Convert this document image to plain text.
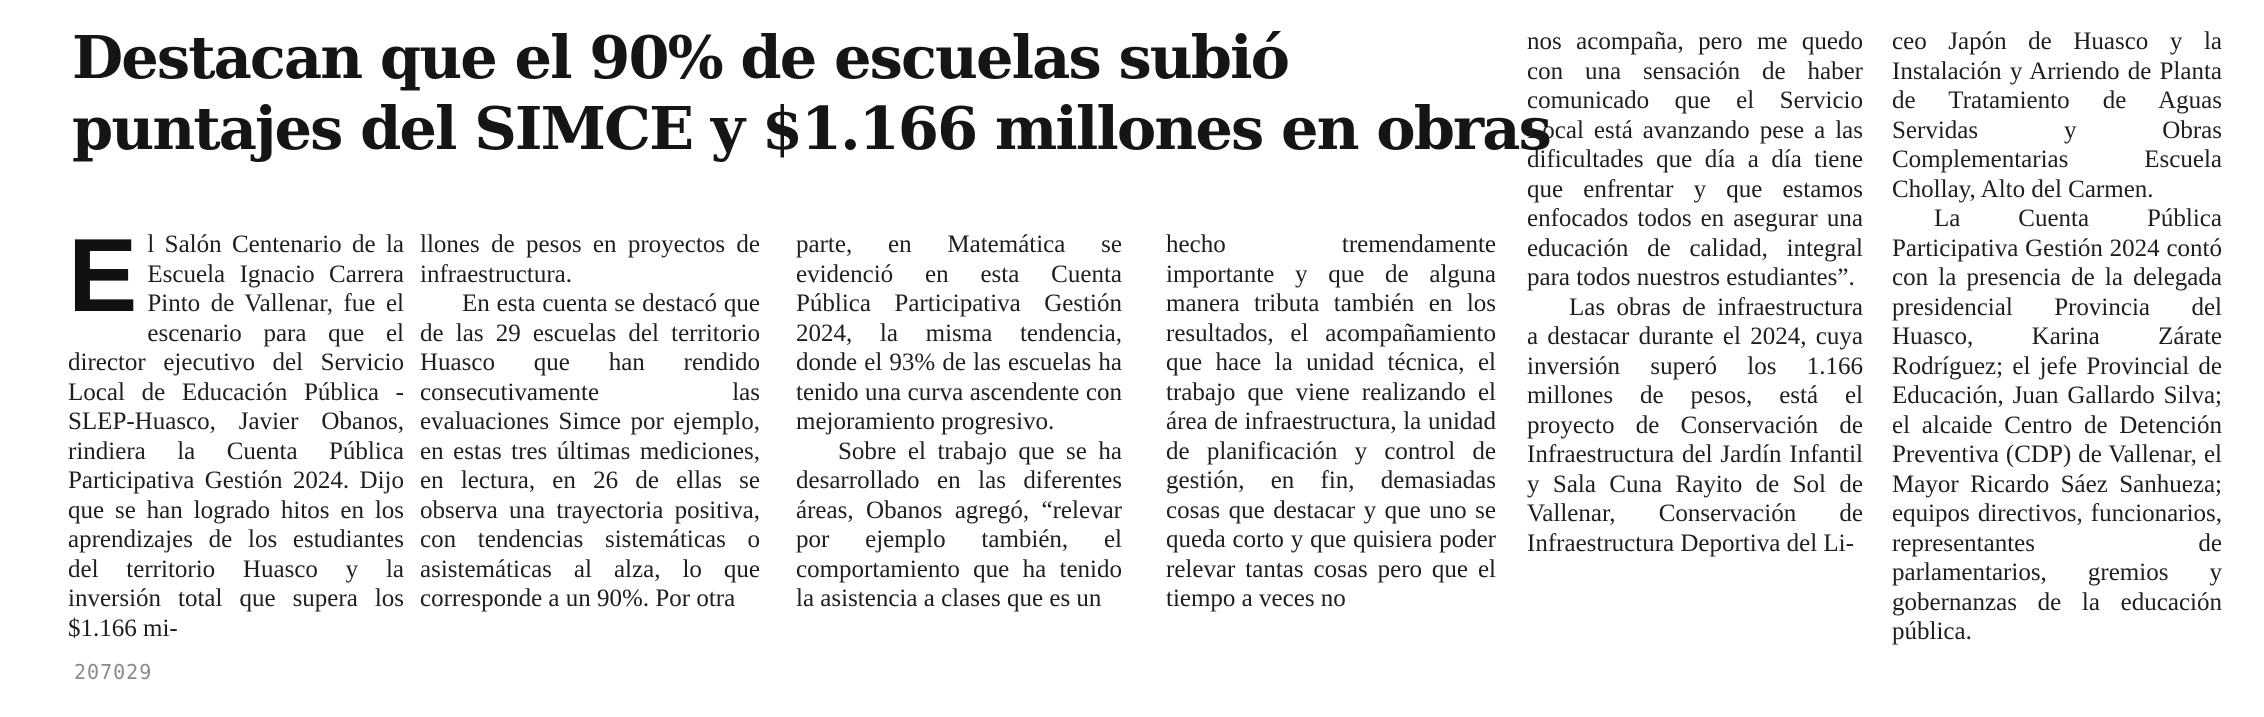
Destacan que el 90% de escuelas subió
puntajes del SIMCE y $1.166 millones en obras
E l Salón Centenario de la Escuela Ignacio Carrera Pinto de Vallenar, fue el escenario para que el director ejecutivo del Servicio Local de Educación Pública -SLEP-Huasco, Javier Obanos, rindiera la Cuenta Pública Participativa Gestión 2024. Dijo que se han logrado hitos en los aprendizajes de los estudiantes del territorio Huasco y la inversión total que supera los $1.166 mi-

llones de pesos en proyectos de infraestructura.

En esta cuenta se destacó que de las 29 escuelas del territorio Huasco que han rendido consecutivamente las evaluaciones Simce por ejemplo, en estas tres últimas mediciones, en lectura, en 26 de ellas se observa una trayectoria positiva, con tendencias sistemáticas o asistemáticas al alza, lo que corresponde a un 90%. Por otra

parte, en Matemática se evidenció en esta Cuenta Pública Participativa Gestión 2024, la misma tendencia, donde el 93% de las escuelas ha tenido una curva ascendente con mejoramiento progresivo.

Sobre el trabajo que se ha desarrollado en las diferentes áreas, Obanos agregó, “relevar por ejemplo también, el comportamiento que ha tenido la asistencia a clases que es un

hecho tremendamente importante y que de alguna manera tributa también en los resultados, el acompañamiento que hace la unidad técnica, el trabajo que viene realizando el área de infraestructura, la unidad de planificación y control de gestión, en fin, demasiadas cosas que destacar y que uno se queda corto y que quisiera poder relevar tantas cosas pero que el tiempo a veces no

nos acompaña, pero me quedo con una sensación de haber comunicado que el Servicio Local está avanzando pese a las dificultades que día a día tiene que enfrentar y que estamos enfocados todos en asegurar una educación de calidad, integral para todos nuestros estudiantes”.

Las obras de infraestructura a destacar durante el 2024, cuya inversión superó los 1.166 millones de pesos, está el proyecto de Conservación de Infraestructura del Jardín Infantil y Sala Cuna Rayito de Sol de Vallenar, Conservación de Infraestructura Deportiva del Li-

ceo Japón de Huasco y la Instalación y Arriendo de Planta de Tratamiento de Aguas Servidas y Obras Complementarias Escuela Chollay, Alto del Carmen.

La Cuenta Pública Participativa Gestión 2024 contó con la presencia de la delegada presidencial Provincia del Huasco, Karina Zárate Rodríguez; el jefe Provincial de Educación, Juan Gallardo Silva; el alcaide Centro de Detención Preventiva (CDP) de Vallenar, el Mayor Ricardo Sáez Sanhueza; equipos directivos, funcionarios, representantes de parlamentarios, gremios y gobernanzas de la educación pública.

207029
